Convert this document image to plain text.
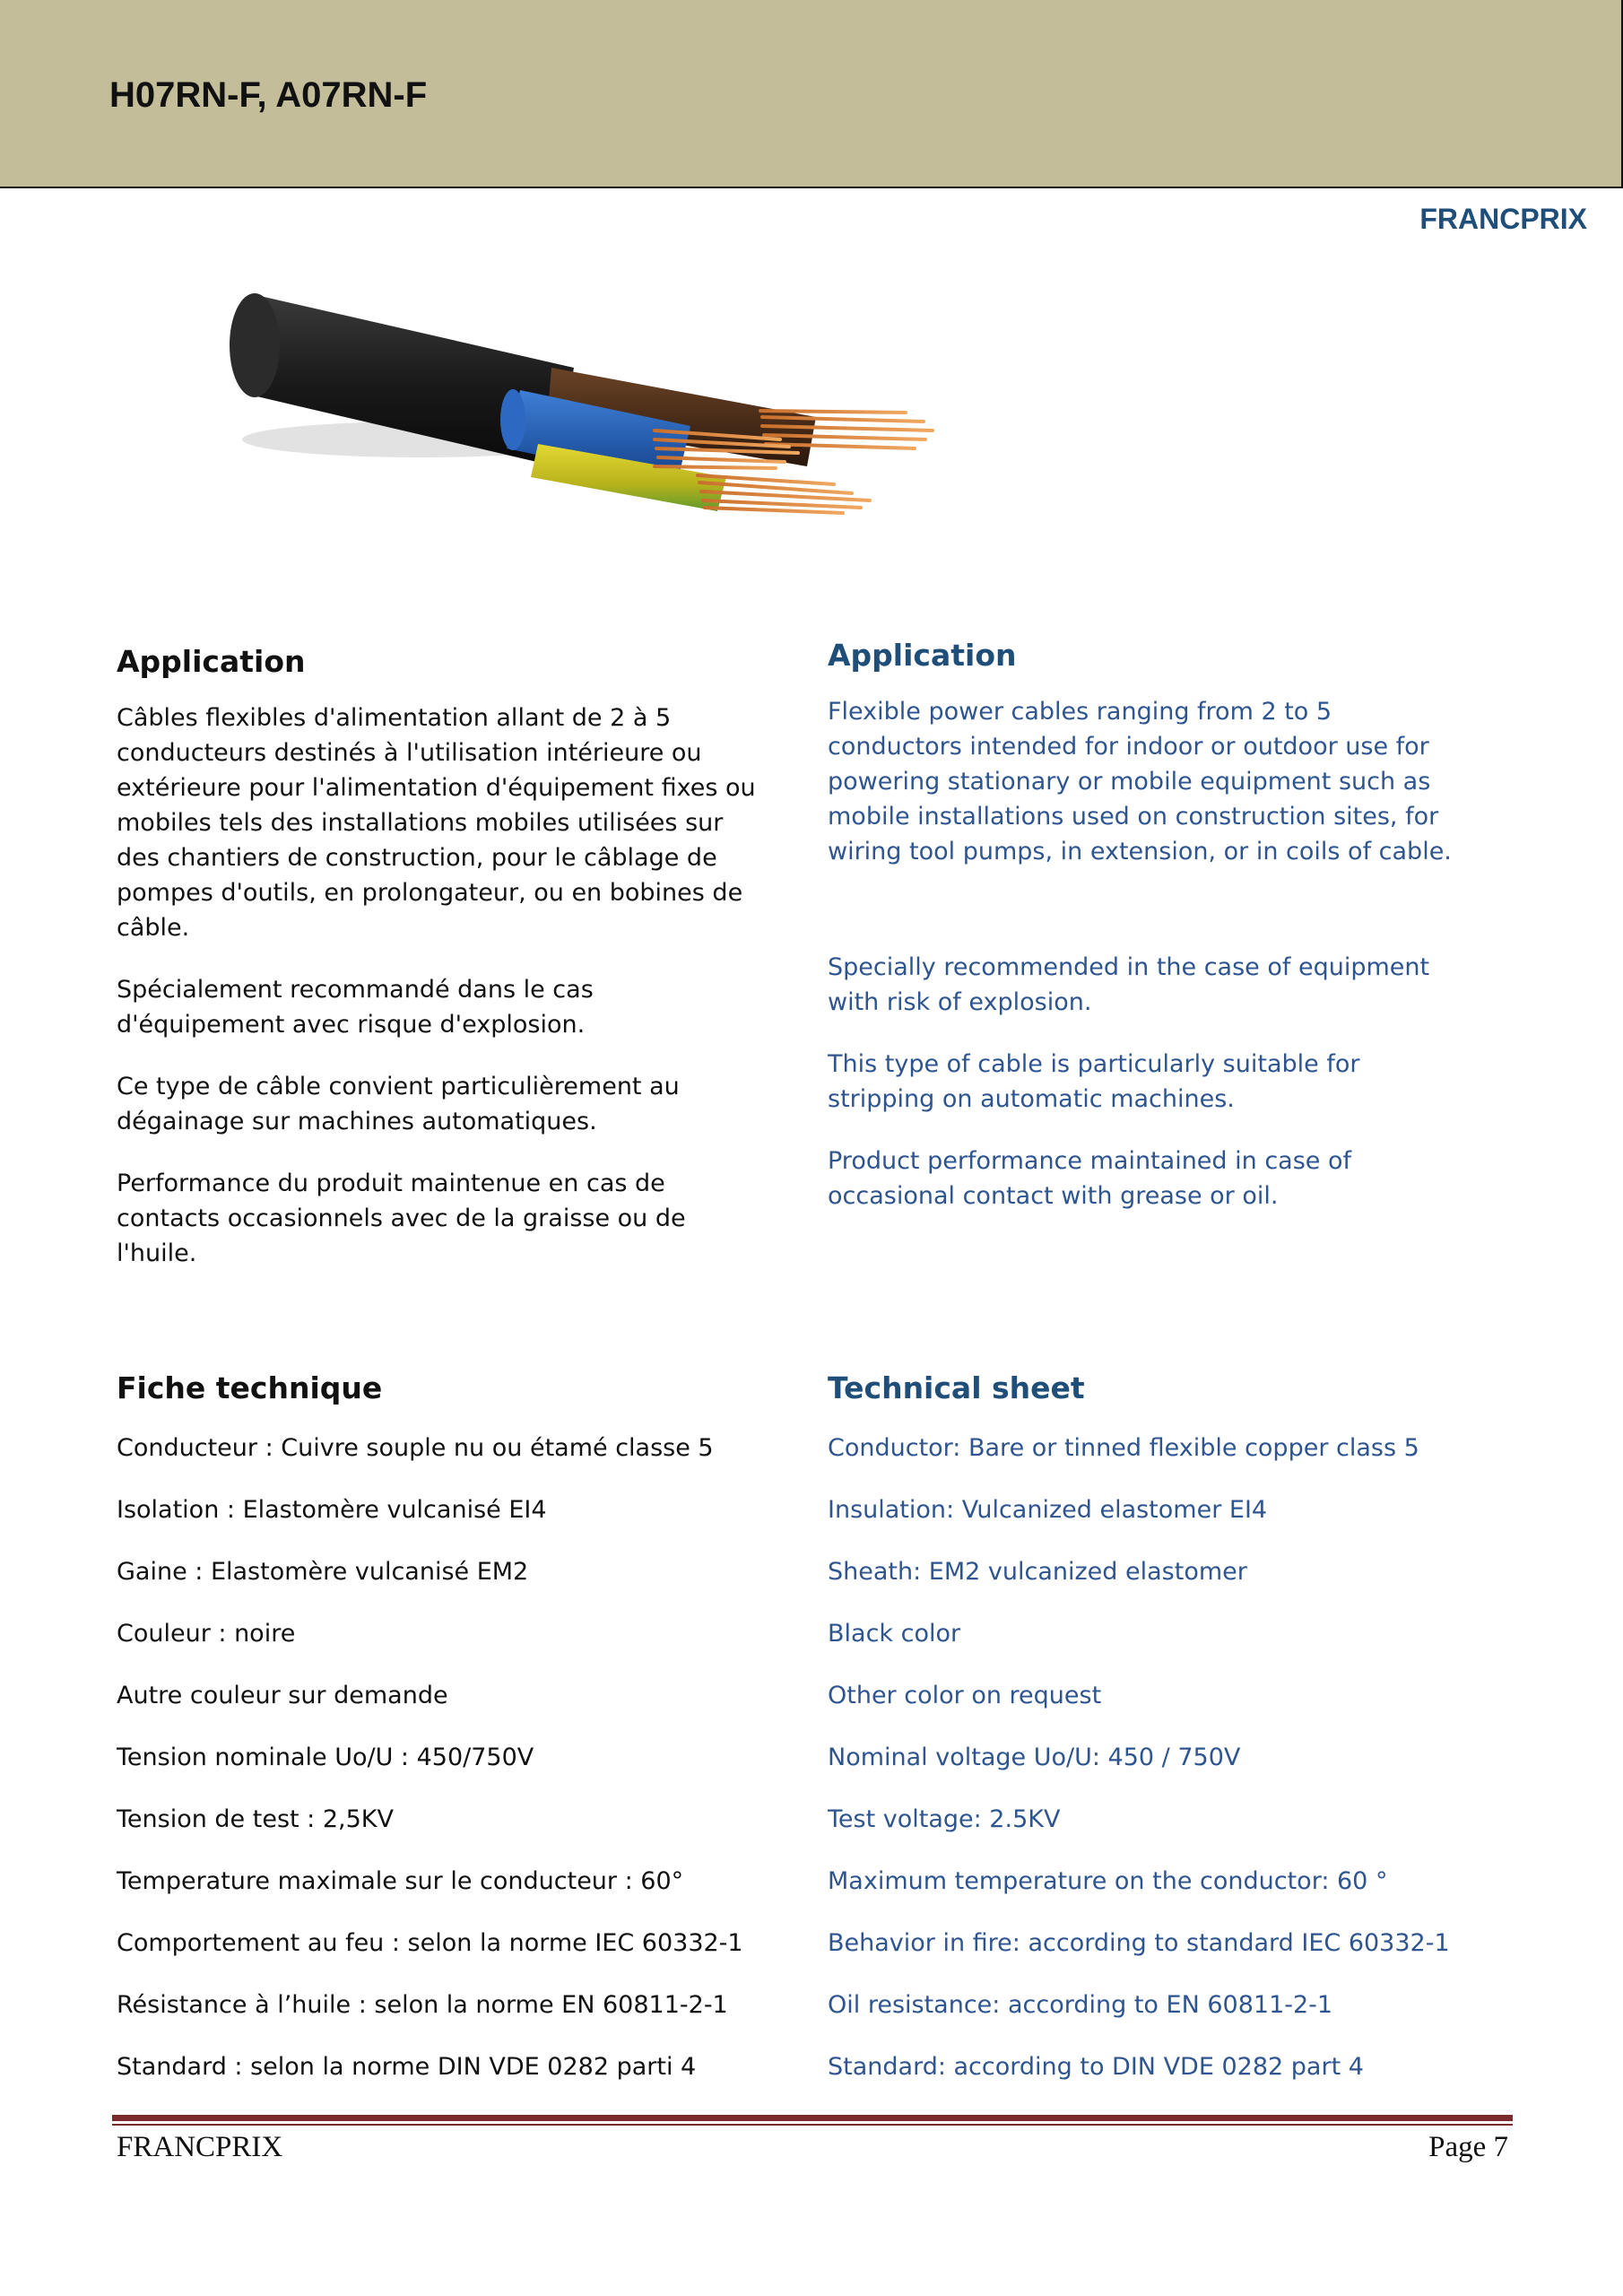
H07RN-F, A07RN-F
FRANCPRIX
Application

Câbles flexibles d'alimentation allant de 2 à 5 conducteurs destinés à l'utilisation intérieure ou extérieure pour l'alimentation d'équipement fixes ou mobiles tels des installations mobiles utilisées sur des chantiers de construction, pour le câblage de pompes d'outils, en prolongateur, ou en bobines de câble.

Spécialement recommandé dans le cas d'équipement avec risque d'explosion.

Ce type de câble convient particulièrement au dégainage sur machines automatiques.

Performance du produit maintenue en cas de contacts occasionnels avec de la graisse ou de l'huile.

Application

Flexible power cables ranging from 2 to 5 conductors intended for indoor or outdoor use for powering stationary or mobile equipment such as mobile installations used on construction sites, for wiring tool pumps, in extension, or in coils of cable.

Specially recommended in the case of equipment with risk of explosion.

This type of cable is particularly suitable for stripping on automatic machines.

Product performance maintained in case of occasional contact with grease or oil.

Fiche technique
Conducteur : Cuivre souple nu ou étamé classe 5
Isolation : Elastomère vulcanisé EI4
Gaine : Elastomère vulcanisé EM2
Couleur : noire
Autre couleur sur demande
Tension nominale Uo/U : 450/750V
Tension de test : 2,5KV
Temperature maximale sur le conducteur : 60°
Comportement au feu : selon la norme IEC 60332-1
Résistance à l’huile : selon la norme EN 60811-2-1
Standard : selon la norme DIN VDE 0282 parti 4
Technical sheet
Conductor: Bare or tinned flexible copper class 5
Insulation: Vulcanized elastomer EI4
Sheath: EM2 vulcanized elastomer
Black color
Other color on request
Nominal voltage Uo/U: 450 / 750V
Test voltage: 2.5KV
Maximum temperature on the conductor: 60 °
Behavior in fire: according to standard IEC 60332-1
Oil resistance: according to EN 60811-2-1
Standard: according to DIN VDE 0282 part 4
FRANCPRIX	Page 7
